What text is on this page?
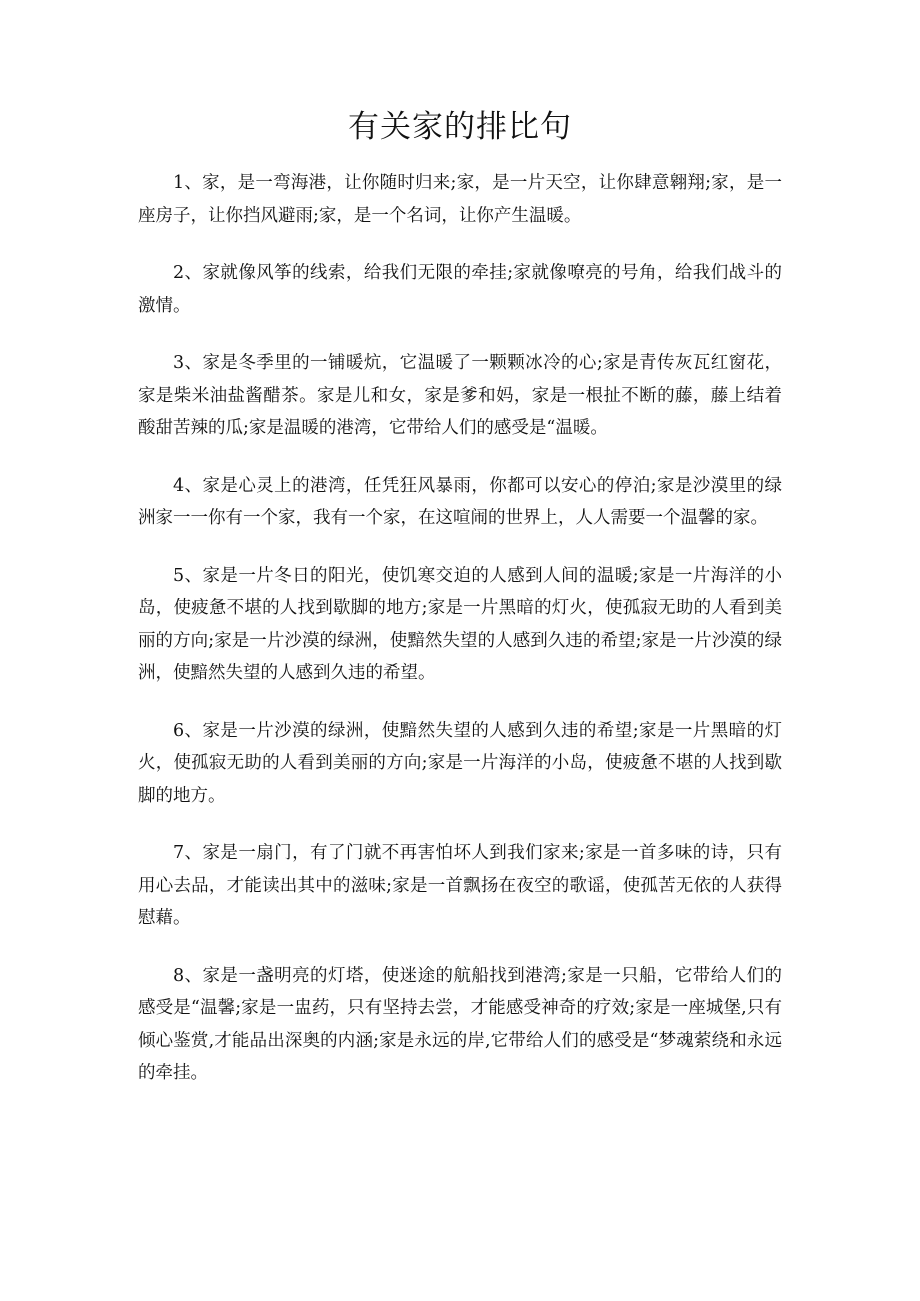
有关家的排比句

1、家，是一弯海港，让你随时归来;家，是一片天空，让你肆意翱翔;家，是一座房子，让你挡风避雨;家，是一个名词，让你产生温暖。

2、家就像风筝的线索，给我们无限的牵挂;家就像嘹亮的号角，给我们战斗的激情。

3、家是冬季里的一铺暖炕，它温暖了一颗颗冰冷的心;家是青传灰瓦红窗花，家是柴米油盐酱醋茶。家是儿和女，家是爹和妈，家是一根扯不断的藤，藤上结着酸甜苦辣的瓜;家是温暖的港湾，它带给人们的感受是“温暖。

4、家是心灵上的港湾，任凭狂风暴雨，你都可以安心的停泊;家是沙漠里的绿洲家一一你有一个家，我有一个家，在这喧闹的世界上，人人需要一个温馨的家。

5、家是一片冬日的阳光，使饥寒交迫的人感到人间的温暖;家是一片海洋的小岛，使疲惫不堪的人找到歇脚的地方;家是一片黑暗的灯火，使孤寂无助的人看到美丽的方向;家是一片沙漠的绿洲，使黯然失望的人感到久违的希望;家是一片沙漠的绿洲，使黯然失望的人感到久违的希望。

6、家是一片沙漠的绿洲，使黯然失望的人感到久违的希望;家是一片黑暗的灯火，使孤寂无助的人看到美丽的方向;家是一片海洋的小岛，使疲惫不堪的人找到歇脚的地方。

7、家是一扇门，有了门就不再害怕坏人到我们家来;家是一首多味的诗，只有用心去品，才能读出其中的滋味;家是一首飘扬在夜空的歌谣，使孤苦无依的人获得慰藉。

8、家是一盏明亮的灯塔，使迷途的航船找到港湾;家是一只船，它带给人们的感受是“温馨;家是一盅药，只有坚持去尝，才能感受神奇的疗效;家是一座城堡,只有倾心鉴赏,才能品出深奥的内涵;家是永远的岸,它带给人们的感受是“梦魂萦绕和永远的牵挂。
